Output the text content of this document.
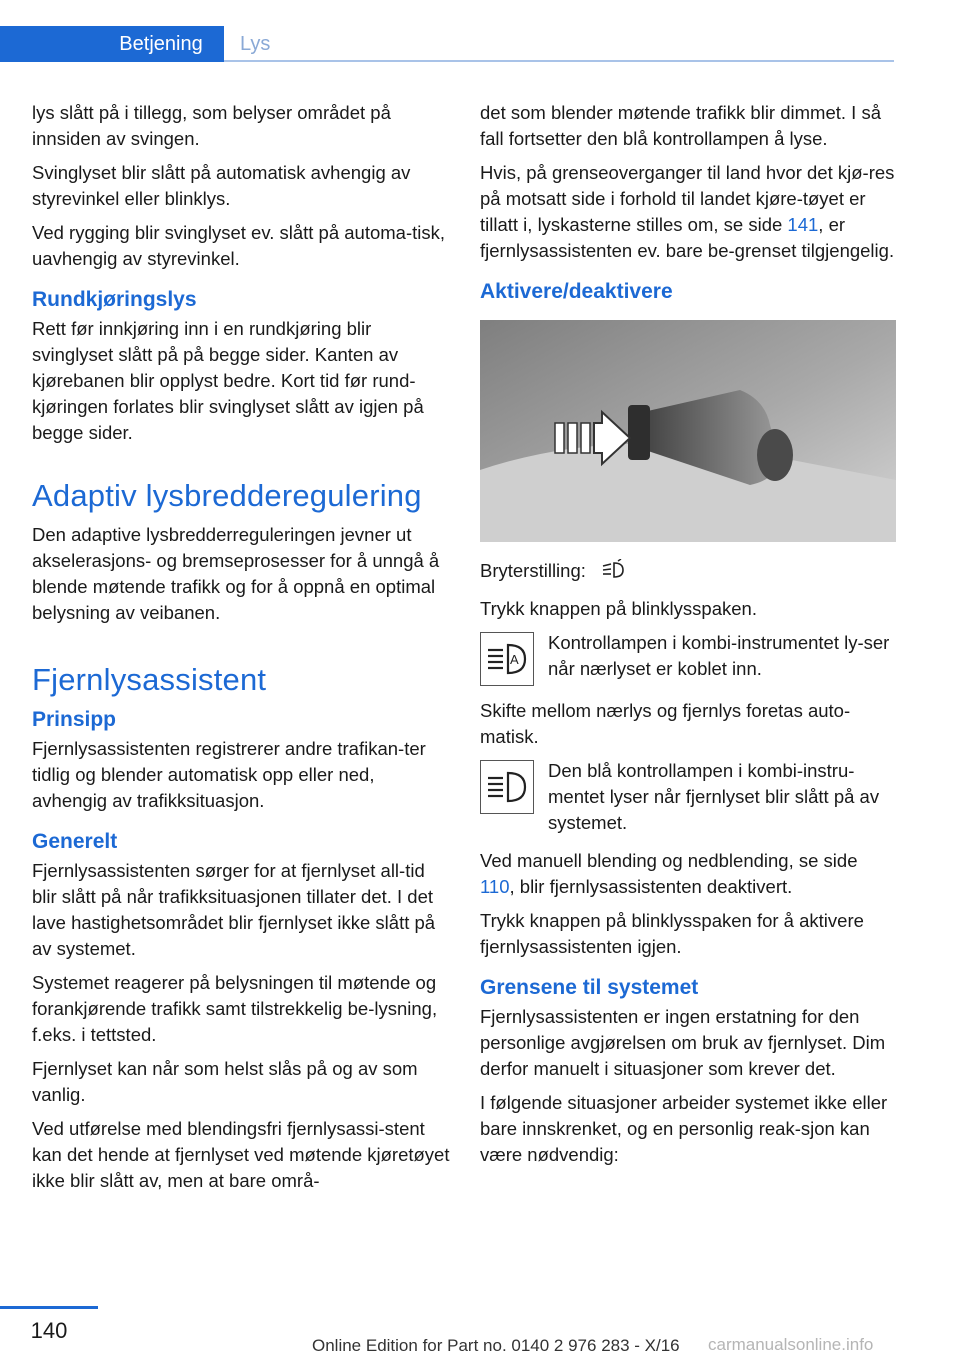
Betjening	Lys

lys slått på i tillegg, som belyser området på innsiden av svingen.

Svinglyset blir slått på automatisk avhengig av styrevinkel eller blinklys.

Ved rygging blir svinglyset ev. slått på automa‐tisk, uavhengig av styrevinkel.

Rundkjøringslys

Rett før innkjøring inn i en rundkjøring blir svinglyset slått på på begge sider. Kanten av kjørebanen blir opplyst bedre. Kort tid før rund‐kjøringen forlates blir svinglyset slått av igjen på begge sider.

Adaptiv lysbredderegulering

Den adaptive lysbredderreguleringen jevner ut akselerasjons- og bremseprosesser for å unngå å blende møtende trafikk og for å oppnå en optimal belysning av veibanen.

Fjernlysassistent
Prinsipp

Fjernlysassistenten registrerer andre trafikan‐ter tidlig og blender automatisk opp eller ned, avhengig av trafikksituasjon.

Generelt

Fjernlysassistenten sørger for at fjernlyset all‐tid blir slått på når trafikksituasjonen tillater det. I det lave hastighetsområdet blir fjernlyset ikke slått på av systemet.

Systemet reagerer på belysningen til møtende og forankjørende trafikk samt tilstrekkelig be‐lysning, f.eks. i tettsted.

Fjernlyset kan når som helst slås på og av som vanlig.

Ved utførelse med blendingsfri fjernlysassi‐stent kan det hende at fjernlyset ved møtende kjøretøyet ikke blir slått av, men at bare områ‐

det som blender møtende trafikk blir dimmet. I så fall fortsetter den blå kontrollampen å lyse.

Hvis, på grenseoverganger til land hvor det kjø‐res på motsatt side i forhold til landet kjøre‐tøyet er tillatt i, lyskasterne stilles om, se side 141, er fjernlysassistenten ev. bare be‐grenset tilgjengelig.

Aktivere/deaktivere

Bryterstilling:

Trykk knappen på blinklysspaken.

A
Kontrollampen i kombi-instrumentet ly‐ser når nærlyset er koblet inn.

Skifte mellom nærlys og fjernlys foretas auto‐matisk.

Den blå kontrollampen i kombi-instru‐mentet lyser når fjernlyset blir slått på av systemet.

Ved manuell blending og nedblending, se side 110, blir fjernlysassistenten deaktivert.

Trykk knappen på blinklysspaken for å aktivere fjernlysassistenten igjen.

Grensene til systemet

Fjernlysassistenten er ingen erstatning for den personlige avgjørelsen om bruk av fjernlyset. Dim derfor manuelt i situasjoner som krever det.

I følgende situasjoner arbeider systemet ikke eller bare innskrenket, og en personlig reak‐sjon kan være nødvendig:

140
Online Edition for Part no. 0140 2 976 283 - X/16 carmanualsonline.info
